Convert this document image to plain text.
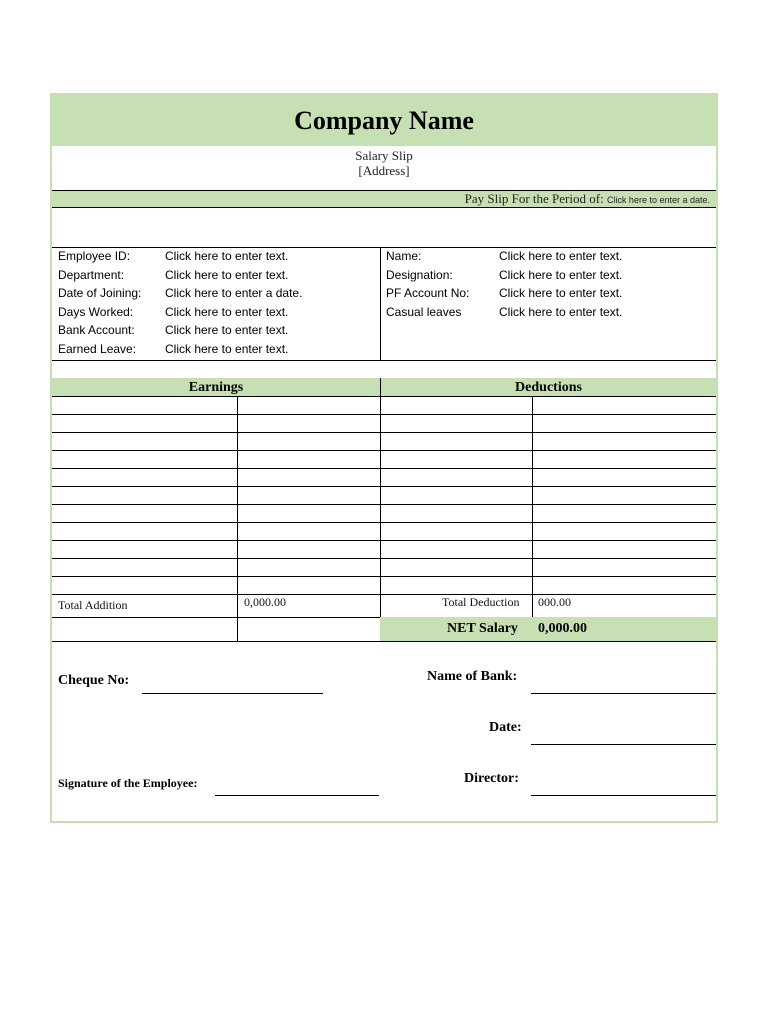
Company Name
Salary Slip
[Address]
Pay Slip For the Period of: Click here to enter a date.
Employee ID:	Click here to enter text.
Department:	Click here to enter text.
Date of Joining: Click here to enter a date.
Days Worked:	Click here to enter text.
Bank Account:	Click here to enter text.
Earned Leave: Click here to enter text.
Name:	Click here to enter text.
Designation:	Click here to enter text.
PF Account No: Click here to enter text.
Casual leaves	Click here to enter text.
Earnings	Deductions
Total Addition	0,000.00	Total Deduction 000.00
NET Salary 0,000.00
Cheque No:	Name of Bank:
Date:
Signature of the Employee:	Director:
